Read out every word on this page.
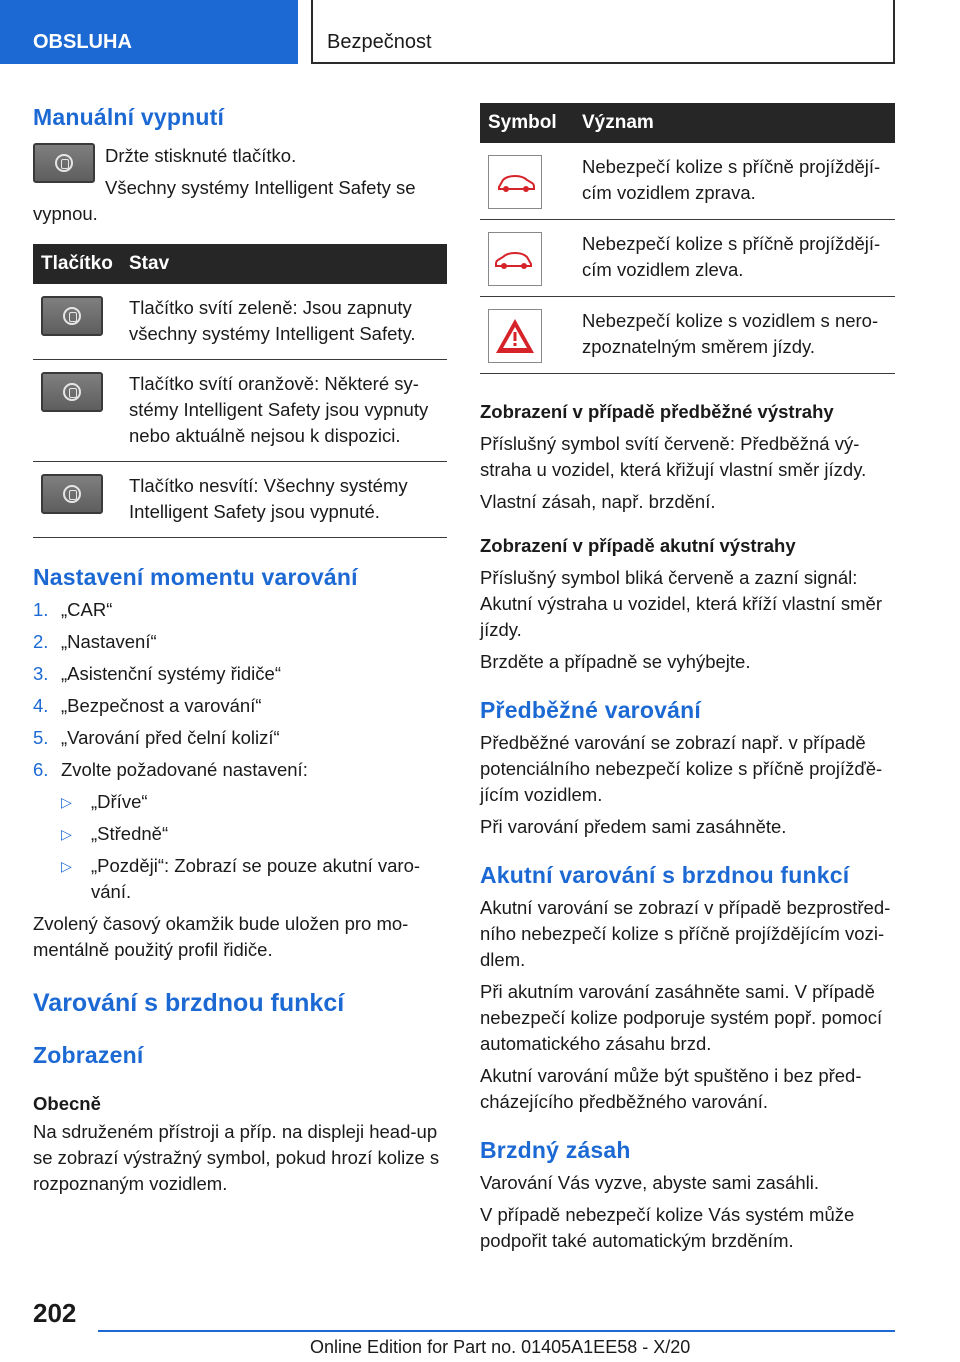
OBSLUHA	Bezpečnost
Manuální vypnutí

Držte stisknuté tlačítko.

Všechny systémy Intelligent Safety se vypnou.

Tlačítko	Stav

	Tlačítko svítí zeleně: Jsou zapnuty všechny systémy Intelligent Safety.

	Tlačítko svítí oranžově: Některé systémy Intelligent Safety jsou vypnuty nebo aktuálně nejsou k dispozici.

	Tlačítko nesvítí: Všechny systémy Intelligent Safety jsou vypnuté.
Nastavení momentu varování
1. „CAR“
2. „Nastavení“
3. „Asistenční systémy řidiče“
4. „Bezpečnost a varování“
5. „Varování před čelní kolizí“
6. Zvolte požadované nastavení:
▷	„Dříve“
▷	„Středně“
▷	„Později“: Zobrazí se pouze akutní varování.

Zvolený časový okamžik bude uložen pro momentálně použitý profil řidiče.

Varování s brzdnou funkcí
Zobrazení
Obecně

Na sdruženém přístroji a příp. na displeji head-up se zobrazí výstražný symbol, pokud hrozí kolize s rozpoznaným vozidlem.

Symbol	Význam

	Nebezpečí kolize s příčně projíždějícím vozidlem zprava.

	Nebezpečí kolize s příčně projíždějícím vozidlem zleva.

	Nebezpečí kolize s vozidlem s nerozpoznatelným směrem jízdy.
Zobrazení v případě předběžné výstrahy

Příslušný symbol svítí červeně: Předběžná výstraha u vozidel, která křižují vlastní směr jízdy.

Vlastní zásah, např. brzdění.

Zobrazení v případě akutní výstrahy

Příslušný symbol bliká červeně a zazní signál: Akutní výstraha u vozidel, která kříží vlastní směr jízdy.

Brzděte a případně se vyhýbejte.

Předběžné varování

Předběžné varování se zobrazí např. v případě potenciálního nebezpečí kolize s příčně projížďějícím vozidlem.

Při varování předem sami zasáhněte.

Akutní varování s brzdnou funkcí

Akutní varování se zobrazí v případě bezprostředního nebezpečí kolize s příčně projíždějícím vozidlem.

Při akutním varování zasáhněte sami. V případě nebezpečí kolize podporuje systém popř. pomocí automatického zásahu brzd.

Akutní varování může být spuštěno i bez předcházejícího předběžného varování.

Brzdný zásah

Varování Vás vyzve, abyste sami zasáhli.

V případě nebezpečí kolize Vás systém může podpořit také automatickým brzděním.

202
Online Edition for Part no. 01405A1EE58 - X/20
